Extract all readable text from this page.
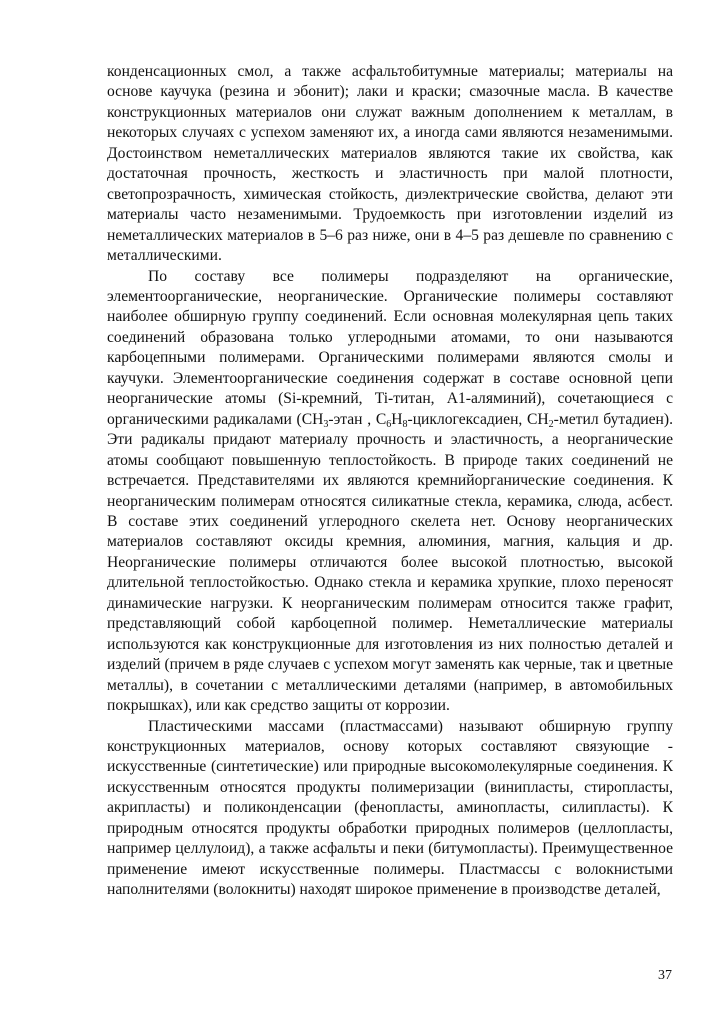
конденсационных смол, а также асфальтобитумные материалы; материалы на основе каучука (резина и эбонит); лаки и краски; смазочные масла. В качестве конструкционных материалов они служат важным дополнением к металлам, в некоторых случаях с успехом заменяют их, а иногда сами являются незаменимыми. Достоинством неметаллических материалов являются такие их свойства, как достаточная прочность, жесткость и эластичность при малой плотности, светопрозрачность, химическая стойкость, диэлектрические свойства, делают эти материалы часто незаменимыми. Трудоемкость при изготовлении изделий из неметаллических материалов в 5–6 раз ниже, они в 4–5 раз дешевле по сравнению с металлическими.

По составу все полимеры подразделяют на органические, элементоорганические, неорганические. Органические полимеры составляют наиболее обширную группу соединений. Если основная молекулярная цепь таких соединений образована только углеродными атомами, то они называются карбоцепными полимерами. Органическими полимерами являются смолы и каучуки. Элементоорганические соединения содержат в составе основной цепи неорганические атомы (Si-кремний, Ti-титан, A1-аляминий), сочетающиеся с органическими радикалами ($CH_3$-этан , $C_6H_8$-циклогексадиен, $CH_2$-метил бутадиен). Эти радикалы придают материалу прочность и эластичность, а неорганические атомы сообщают повышенную теплостойкость. В природе таких соединений не встречается. Представителями их являются кремнийорганические соединения. К неорганическим полимерам относятся силикатные стекла, керамика, слюда, асбест. В составе этих соединений углеродного скелета нет. Основу неорганических материалов составляют оксиды кремния, алюминия, магния, кальция и др. Неорганические полимеры отличаются более высокой плотностью, высокой длительной теплостойкостью. Однако стекла и керамика хрупкие, плохо переносят динамические нагрузки. К неорганическим полимерам относится также графит, представляющий собой карбоцепной полимер. Неметаллические материалы используются как конструкционные для изготовления из них полностью деталей и изделий (причем в ряде случаев с успехом могут заменять как черные, так и цветные металлы), в сочетании с металлическими деталями (например, в автомобильных покрышках), или как средство защиты от коррозии.

Пластическими массами (пластмассами) называют обширную группу конструкционных материалов, основу которых составляют связующие - искусственные (синтетические) или природные высокомолекулярные соединения. К искусственным относятся продукты полимеризации (винипласты, стиропласты, акрипласты) и поликонденсации (фенопласты, аминопласты, силипласты). К природным относятся продукты обработки природных полимеров (целлопласты, например целлулоид), а также асфальты и пеки (битумопласты). Преимущественное применение имеют искусственные полимеры. Пластмассы с волокнистыми наполнителями (волокниты) находят широкое применение в производстве деталей,

37
